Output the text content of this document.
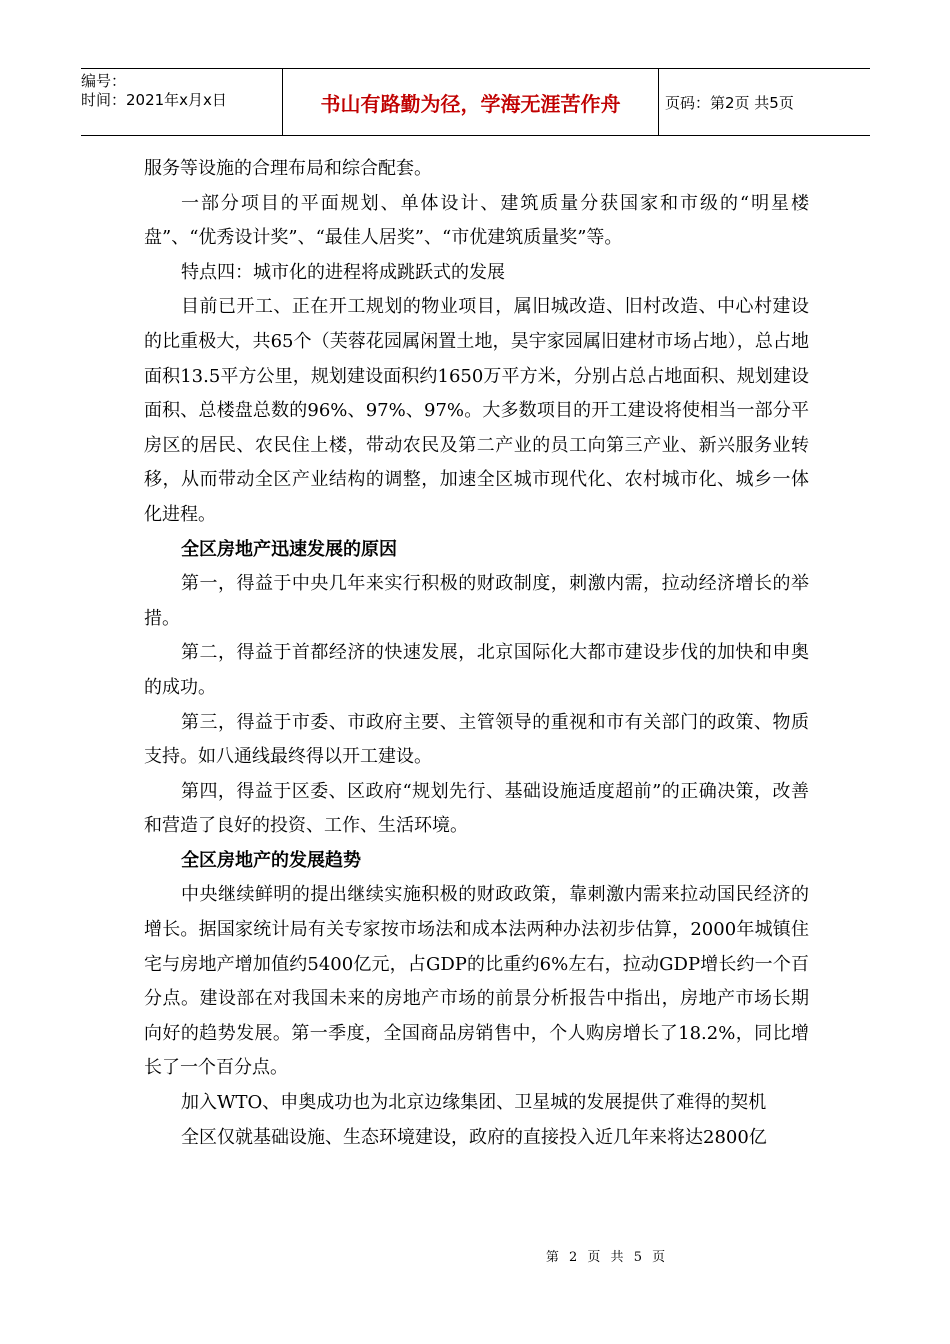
编号：
时间：2021年x月x日	书山有路勤为径，学海无涯苦作舟	页码：第2页 共5页

服务等设施的合理布局和综合配套。

一部分项目的平面规划、单体设计、建筑质量分获国家和市级的“明星楼盘”、“优秀设计奖”、“最佳人居奖”、“市优建筑质量奖”等。

特点四：城市化的进程将成跳跃式的发展

目前已开工、正在开工规划的物业项目，属旧城改造、旧村改造、中心村建设的比重极大，共65个（芙蓉花园属闲置土地，昊宇家园属旧建材市场占地），总占地面积13.5平方公里，规划建设面积约1650万平方米，分别占总占地面积、规划建设面积、总楼盘总数的96%、97%、97%。大多数项目的开工建设将使相当一部分平房区的居民、农民住上楼，带动农民及第二产业的员工向第三产业、新兴服务业转移，从而带动全区产业结构的调整，加速全区城市现代化、农村城市化、城乡一体化进程。

全区房地产迅速发展的原因

第一，得益于中央几年来实行积极的财政制度，刺激内需，拉动经济增长的举措。

第二，得益于首都经济的快速发展，北京国际化大都市建设步伐的加快和申奥的成功。

第三，得益于市委、市政府主要、主管领导的重视和市有关部门的政策、物质支持。如八通线最终得以开工建设。

第四，得益于区委、区政府“规划先行、基础设施适度超前”的正确决策，改善和营造了良好的投资、工作、生活环境。

全区房地产的发展趋势

中央继续鲜明的提出继续实施积极的财政政策，靠刺激内需来拉动国民经济的增长。据国家统计局有关专家按市场法和成本法两种办法初步估算，2000年城镇住宅与房地产增加值约5400亿元，占GDP的比重约6%左右，拉动GDP增长约一个百分点。建设部在对我国未来的房地产市场的前景分析报告中指出，房地产市场长期向好的趋势发展。第一季度，全国商品房销售中，个人购房增长了18.2%，同比增长了一个百分点。

加入WTO、申奥成功也为北京边缘集团、卫星城的发展提供了难得的契机

全区仅就基础设施、生态环境建设，政府的直接投入近几年来将达2800亿

第 2 页 共 5 页
